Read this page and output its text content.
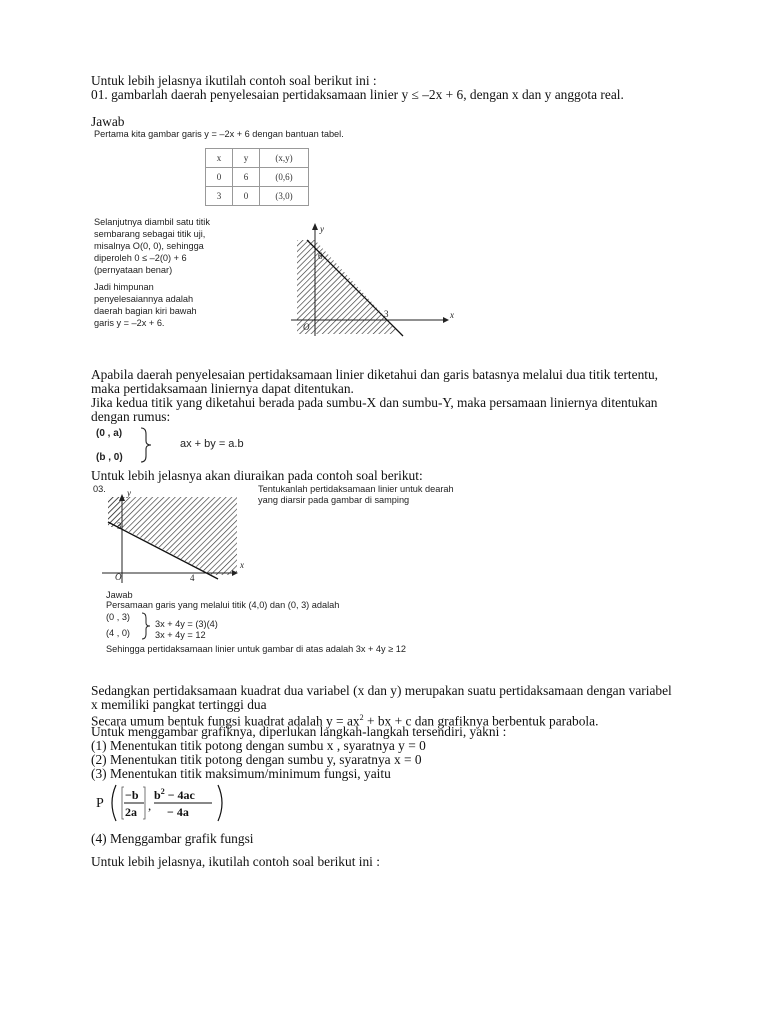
Untuk lebih jelasnya ikutilah contoh soal berikut ini :
01. gambarlah daerah penyelesaian pertidaksamaan linier y ≤ –2x + 6, dengan x dan y anggota real.
Jawab
Pertama kita gambar garis y = –2x + 6 dengan bantuan tabel.
x	y	(x,y)
0	6	(0,6)
3	0	(3,0)
Selanjutnya diambil satu titik
sembarang sebagai titik uji,
misalnya O(0, 0), sehingga
diperoleh 0 ≤ –2(0) + 6
(pernyataan benar)
Jadi himpunan
penyelesaiannya adalah
daerah bagian kiri bawah
garis y = –2x + 6.
x
y
O
6
3
Apabila daerah penyelesaian pertidaksamaan linier diketahui dan garis batasnya melalui dua titik tertentu, maka pertidaksamaan liniernya dapat ditentukan.
Jika kedua titik yang diketahui berada pada sumbu-X dan sumbu-Y, maka persamaan liniernya ditentukan dengan rumus:
(0 , a)
(b , 0)
ax + by = a.b
Untuk lebih jelasnya akan diuraikan pada contoh soal berikut:
03.	Tentukanlah pertidaksamaan linier untuk dearah
yang diarsir pada gambar di samping
x
y
O
3
4
Jawab
Persamaan garis yang melalui titik (4,0) dan (0, 3) adalah
(0 , 3)
(4 , 0)
3x + 4y = (3)(4)
3x + 4y = 12
Sehingga pertidaksamaan linier untuk gambar di atas adalah 3x + 4y ≥ 12
Sedangkan pertidaksamaan kuadrat dua variabel (x dan y) merupakan suatu pertidaksamaan dengan variabel x memiliki pangkat tertinggi dua
Secara umum bentuk fungsi kuadrat adalah $y = ax^2$ + bx + c dan grafiknya berbentuk parabola.
Untuk menggambar grafiknya, diperlukan langkah-langkah tersendiri, yakni :
(1) Menentukan titik potong dengan sumbu x , syaratnya y = 0
(2) Menentukan titik potong dengan sumbu y, syaratnya x = 0
(3) Menentukan titik maksimum/minimum fungsi, yaitu
P
−b
2a ,
$b^2 - 4ac$
− 4a
(4) Menggambar grafik fungsi
Untuk lebih jelasnya, ikutilah contoh soal berikut ini :
